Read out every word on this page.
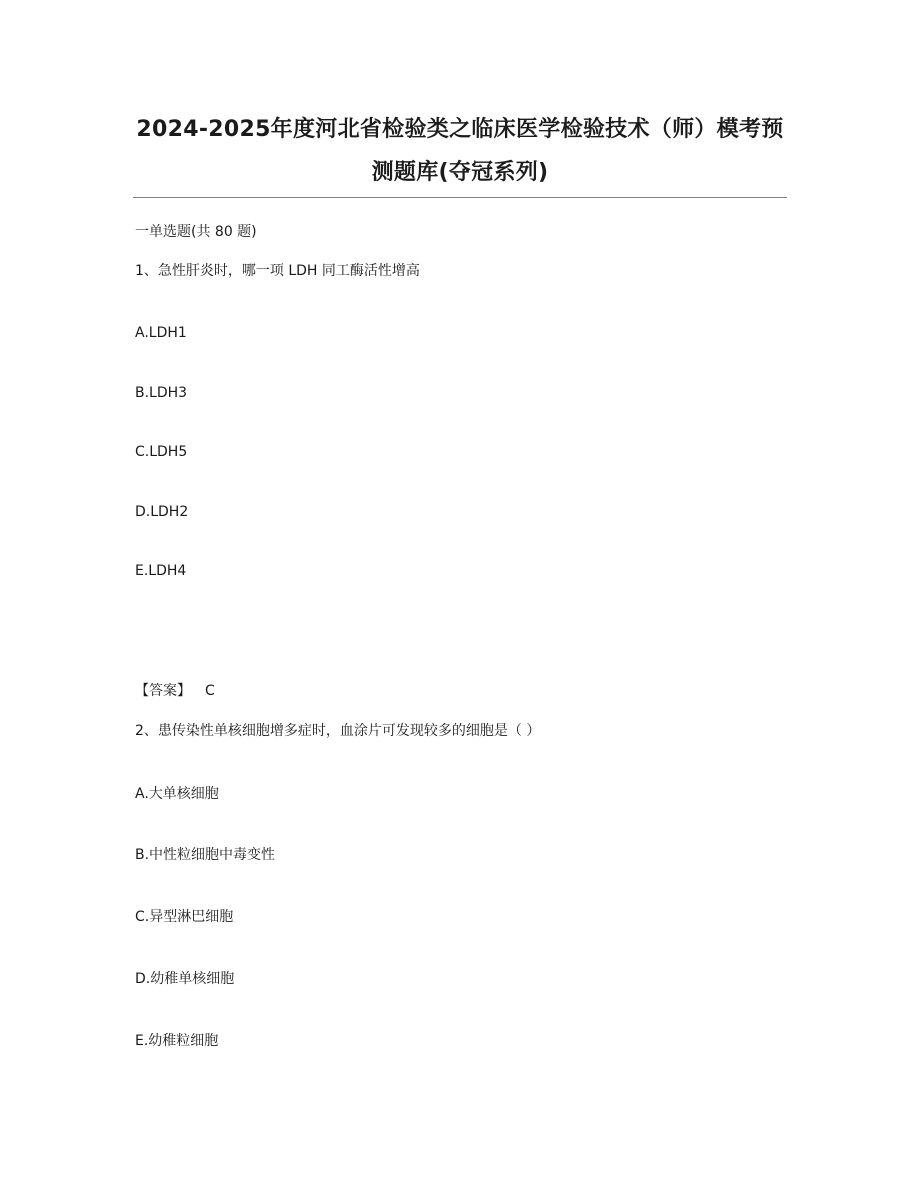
2024-2025年度河北省检验类之临床医学检验技术（师）模考预测题库(夺冠系列)
一单选题(共 80 题)
1、急性肝炎时，哪一项 LDH 同工酶活性增高
A.LDH1
B.LDH3
C.LDH5
D.LDH2
E.LDH4
【答案】 C
2、患传染性单核细胞增多症时，血涂片可发现较多的细胞是（ ）
A.大单核细胞
B.中性粒细胞中毒变性
C.异型淋巴细胞
D.幼稚单核细胞
E.幼稚粒细胞
